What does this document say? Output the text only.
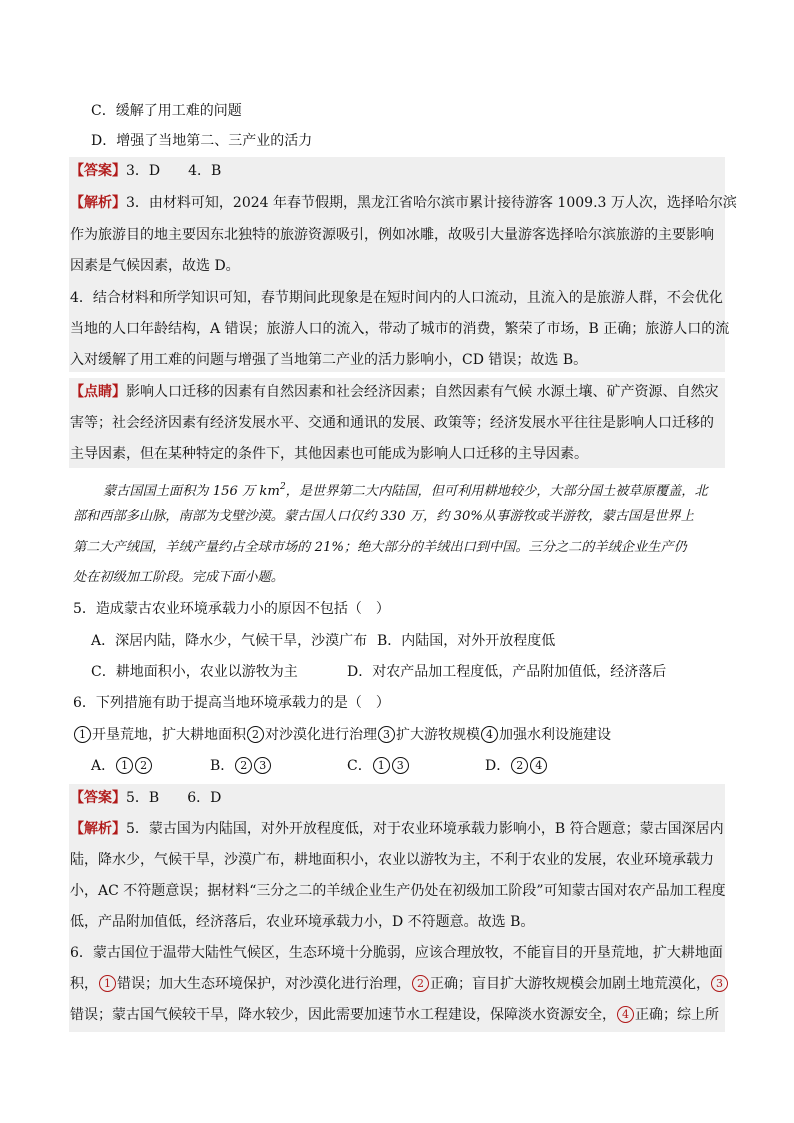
C．缓解了用工难的问题
D．增强了当地第二、三产业的活力
【答案】 3．D　　4．B
【解析】 3．由材料可知，2024 年春节假期，黑龙江省哈尔滨市累计接待游客 1009.3 万人次，选择哈尔滨
作为旅游目的地主要因东北独特的旅游资源吸引，例如冰雕，故吸引大量游客选择哈尔滨旅游的主要影响
因素是气候因素，故选 D。
4．结合材料和所学知识可知，春节期间此现象是在短时间内的人口流动，且流入的是旅游人群，不会优化
当地的人口年龄结构，A 错误；旅游人口的流入，带动了城市的消费，繁荣了市场，B 正确；旅游人口的流
入对缓解了用工难的问题与增强了当地第二产业的活力影响小，CD 错误；故选 B。
【点睛】 影响人口迁移的因素有自然因素和社会经济因素；自然因素有气候 水源土壤、矿产资源、自然灾
害等；社会经济因素有经济发展水平、交通和通讯的发展、政策等；经济发展水平往往是影响人口迁移的
主导因素，但在某种特定的条件下，其他因素也可能成为影响人口迁移的主导因素。
蒙古国国土面积为 156 万 $km^2$，是世界第二大内陆国，但可利用耕地较少，大部分国土被草原覆盖，北
部和西部多山脉，南部为戈壁沙漠。蒙古国人口仅约 330 万，约 30%从事游牧或半游牧，蒙古国是世界上
第二大产绒国，羊绒产量约占全球市场的 21%；绝大部分的羊绒出口到中国。三分之二的羊绒企业生产仍
处在初级加工阶段。完成下面小题。
5．造成蒙古农业环境承载力小的原因不包括（　）
A．深居内陆，降水少，气候干旱，沙漠广布 B．内陆国，对外开放程度低
C．耕地面积小，农业以游牧为主	D．对农产品加工程度低，产品附加值低，经济落后
6．下列措施有助于提高当地环境承载力的是（　）
1 开垦荒地，扩大耕地面积 2 对沙漠化进行治理 3 扩大游牧规模 4 加强水利设施建设
A． 1 2	B． 2 3	C． 1 3	D． 2 4
【答案】 5．B　　6．D
【解析】 5．蒙古国为内陆国，对外开放程度低，对于农业环境承载力影响小，B 符合题意；蒙古国深居内
陆，降水少，气候干旱，沙漠广布，耕地面积小，农业以游牧为主，不利于农业的发展，农业环境承载力
小，AC 不符题意误；据材料“三分之二的羊绒企业生产仍处在初级加工阶段”可知蒙古国对农产品加工程度
低，产品附加值低，经济落后，农业环境承载力小，D 不符题意。故选 B。
6．蒙古国位于温带大陆性气候区，生态环境十分脆弱，应该合理放牧，不能盲目的开垦荒地，扩大耕地面
积， 1 错误；加大生态环境保护，对沙漠化进行治理， 2 正确；盲目扩大游牧规模会加剧土地荒漠化， 3
错误；蒙古国气候较干旱，降水较少，因此需要加速节水工程建设，保障淡水资源安全， 4 正确；综上所
